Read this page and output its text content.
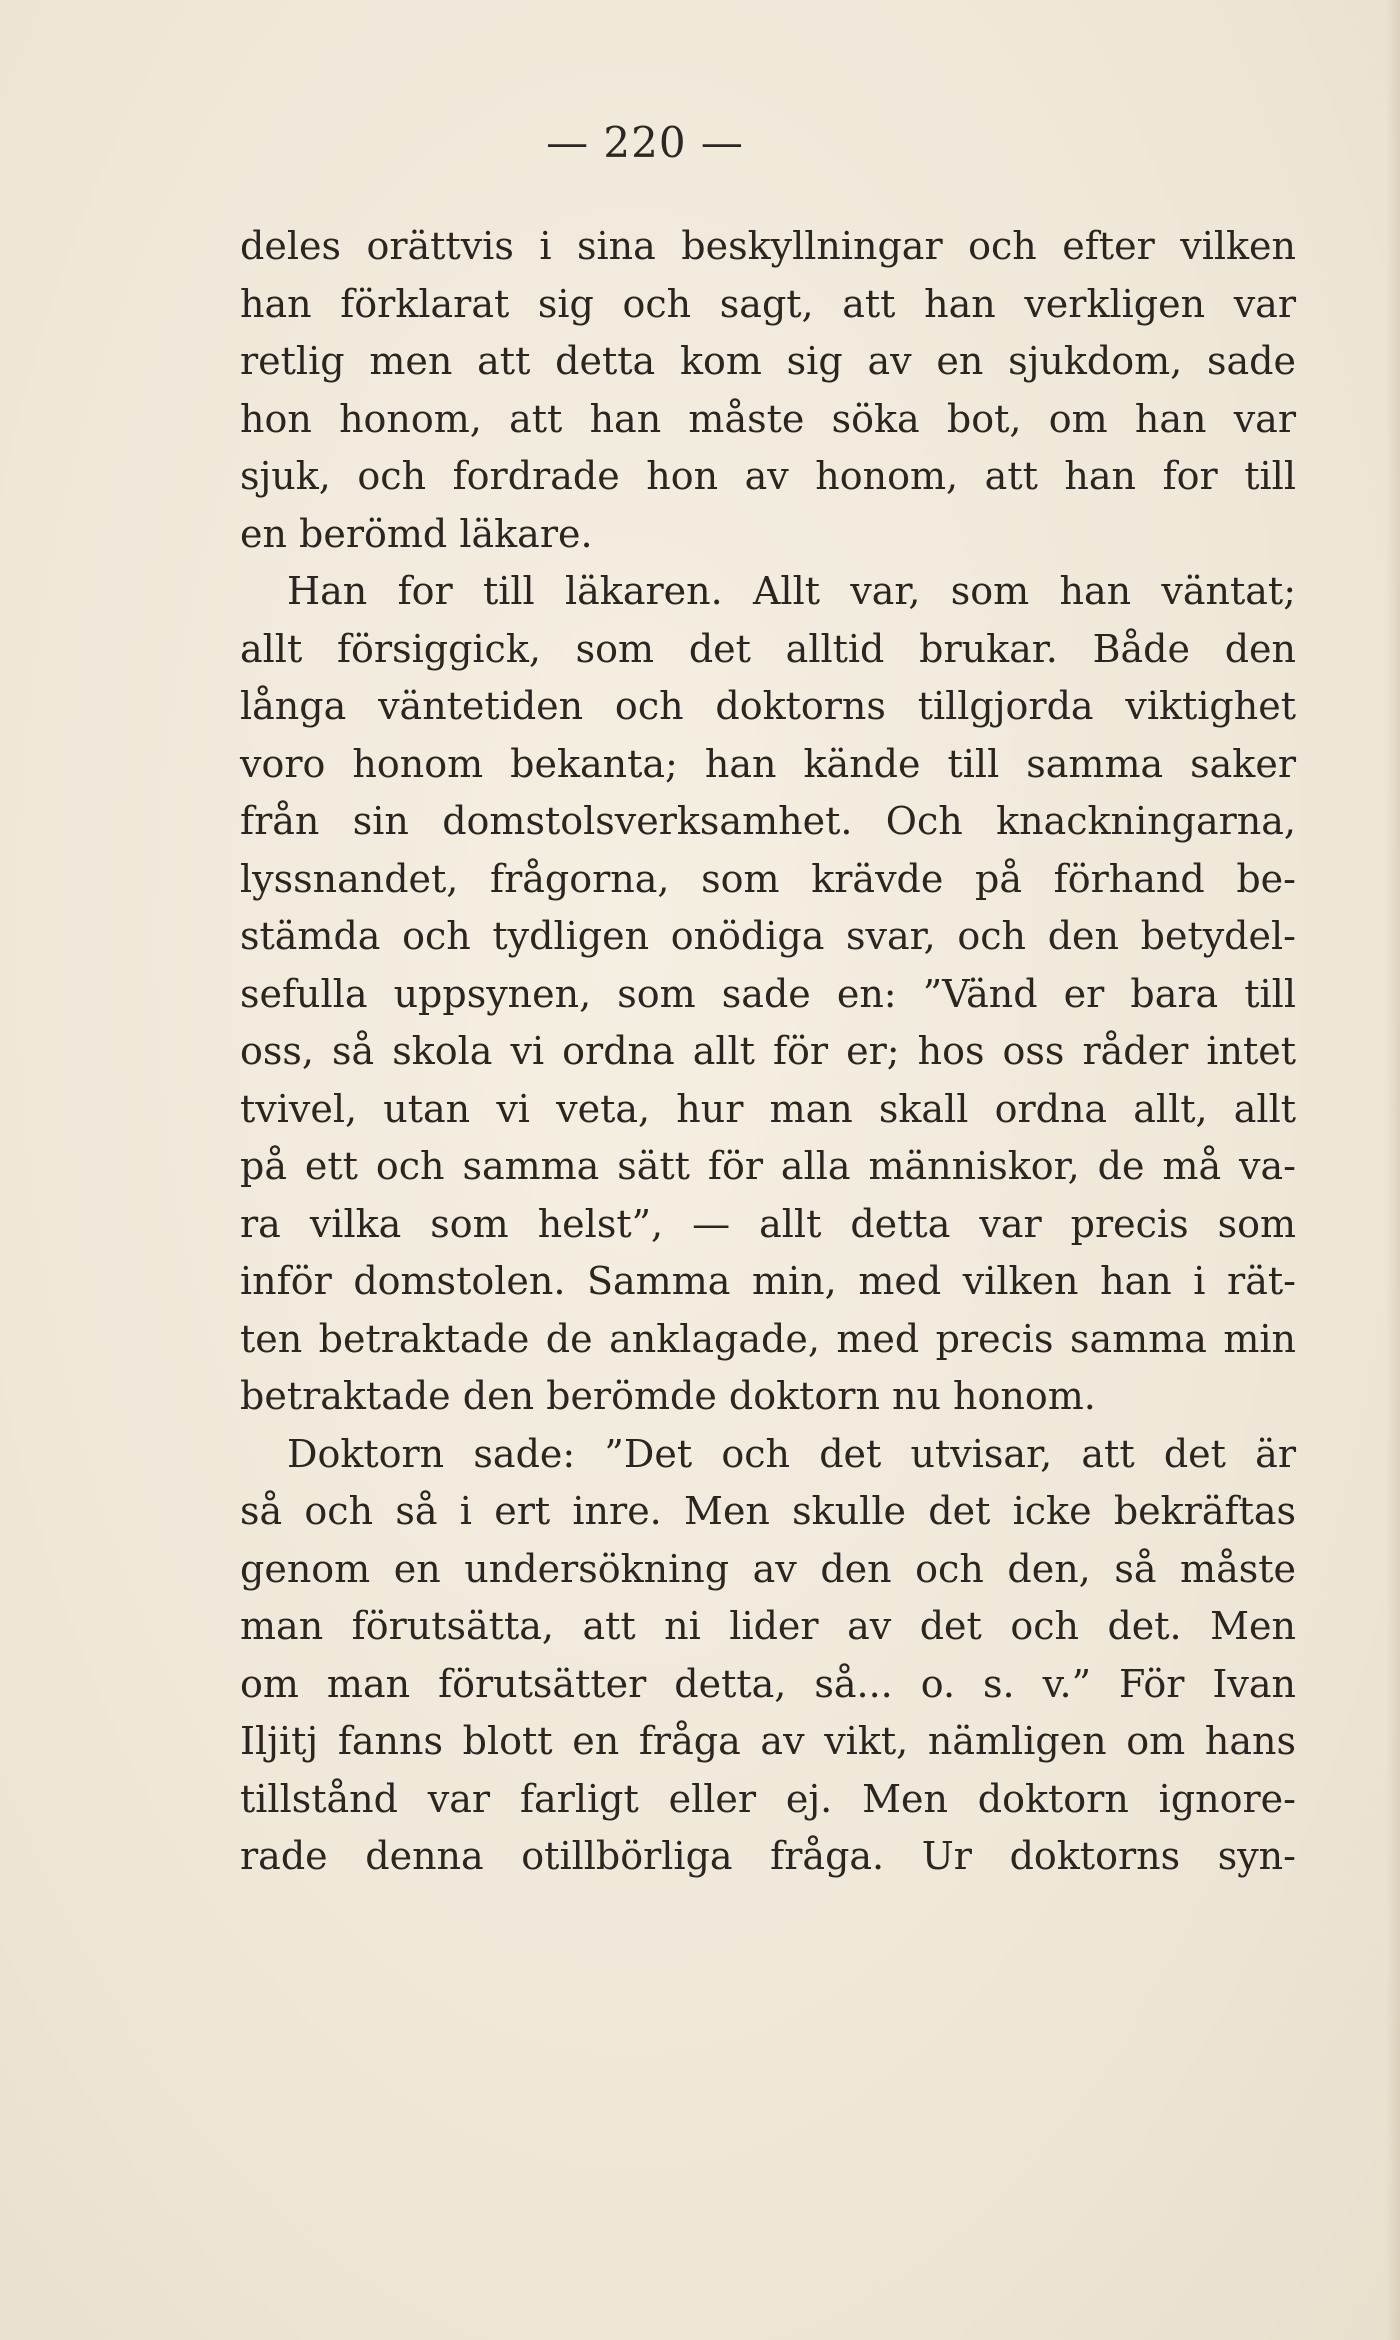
— 220 —
deles orättvis i sina beskyllningar och efter vilken
han förklarat sig och sagt, att han verkligen var
retlig men att detta kom sig av en sjukdom, sade
hon honom, att han måste söka bot, om han var
sjuk, och fordrade hon av honom, att han for till
en berömd läkare.
Han for till läkaren. Allt var, som han väntat;
allt försiggick, som det alltid brukar. Både den
långa väntetiden och doktorns tillgjorda viktighet
voro honom bekanta; han kände till samma saker
från sin domstolsverksamhet. Och knackningarna,
lyssnandet, frågorna, som krävde på förhand be-
stämda och tydligen onödiga svar, och den betydel-
sefulla uppsynen, som sade en: ”Vänd er bara till
oss, så skola vi ordna allt för er; hos oss råder intet
tvivel, utan vi veta, hur man skall ordna allt, allt
på ett och samma sätt för alla människor, de må va-
ra vilka som helst”, — allt detta var precis som
inför domstolen. Samma min, med vilken han i rät-
ten betraktade de anklagade, med precis samma min
betraktade den berömde doktorn nu honom.
Doktorn sade: ”Det och det utvisar, att det är
så och så i ert inre. Men skulle det icke bekräftas
genom en undersökning av den och den, så måste
man förutsätta, att ni lider av det och det. Men
om man förutsätter detta, så... o. s. v.” För Ivan
Iljitj fanns blott en fråga av vikt, nämligen om hans
tillstånd var farligt eller ej. Men doktorn ignore-
rade denna otillbörliga fråga. Ur doktorns syn-
